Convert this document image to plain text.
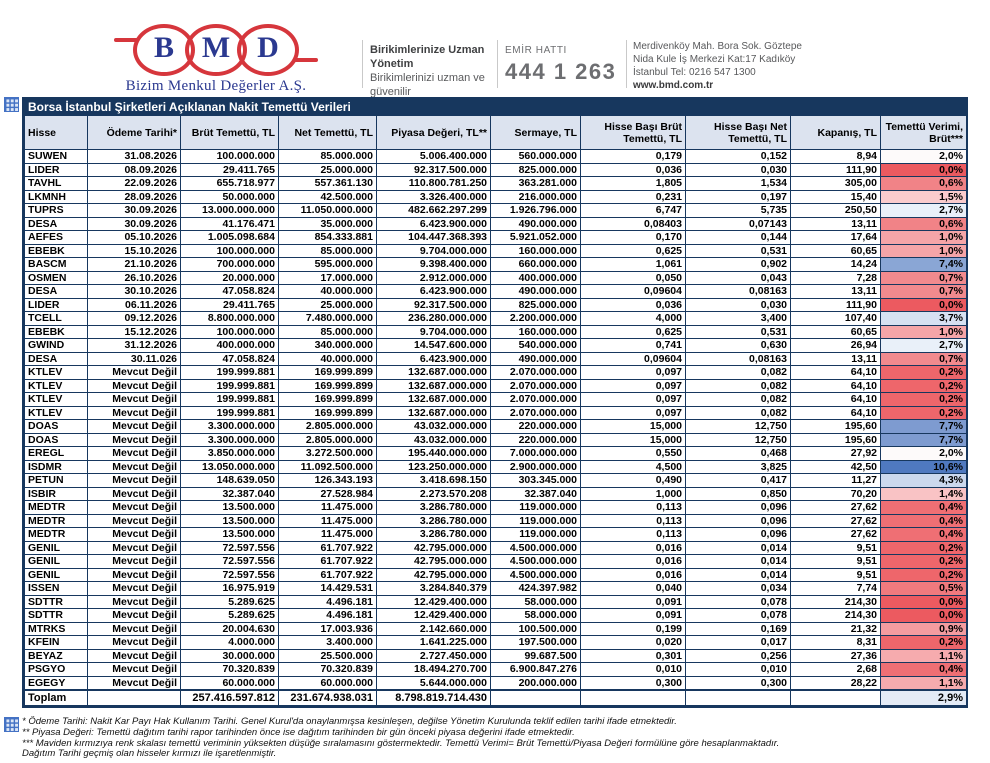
B M D
Bizim Menkul Değerler A.Ş.
Birikimlerinize Uzman Yönetim
Birikimlerinizi uzman ve güvenilir
EMİR HATTI
444 1 263
Merdivenköy Mah. Bora Sok. Göztepe
Nida Kule İş Merkezi Kat:17 Kadıköy
İstanbul Tel: 0216 547 1300
www.bmd.com.tr
Borsa İstanbul Şirketleri Açıklanan Nakit Temettü Verileri
Hisse	Ödeme Tarihi*	Brüt Temettü, TL	Net Temettü, TL	Piyasa Değeri, TL**	Sermaye, TL	Hisse Başı Brüt Temettü, TL	Hisse Başı Net Temettü, TL	Kapanış, TL	Temettü Verimi, Brüt***
SUWEN	31.08.2026	100.000.000	85.000.000	5.006.400.000	560.000.000	0,179	0,152	8,94	2,0%
LIDER	08.09.2026	29.411.765	25.000.000	92.317.500.000	825.000.000	0,036	0,030	111,90	0,0%
TAVHL	22.09.2026	655.718.977	557.361.130	110.800.781.250	363.281.000	1,805	1,534	305,00	0,6%
LKMNH	28.09.2026	50.000.000	42.500.000	3.326.400.000	216.000.000	0,231	0,197	15,40	1,5%
TUPRS	30.09.2026	13.000.000.000	11.050.000.000	482.662.297.299	1.926.796.000	6,747	5,735	250,50	2,7%
DESA	30.09.2026	41.176.471	35.000.000	6.423.900.000	490.000.000	0,08403	0,07143	13,11	0,6%
AEFES	05.10.2026	1.005.098.684	854.333.881	104.447.368.393	5.921.052.000	0,170	0,144	17,64	1,0%
EBEBK	15.10.2026	100.000.000	85.000.000	9.704.000.000	160.000.000	0,625	0,531	60,65	1,0%
BASCM	21.10.2026	700.000.000	595.000.000	9.398.400.000	660.000.000	1,061	0,902	14,24	7,4%
OSMEN	26.10.2026	20.000.000	17.000.000	2.912.000.000	400.000.000	0,050	0,043	7,28	0,7%
DESA	30.10.2026	47.058.824	40.000.000	6.423.900.000	490.000.000	0,09604	0,08163	13,11	0,7%
LIDER	06.11.2026	29.411.765	25.000.000	92.317.500.000	825.000.000	0,036	0,030	111,90	0,0%
TCELL	09.12.2026	8.800.000.000	7.480.000.000	236.280.000.000	2.200.000.000	4,000	3,400	107,40	3,7%
EBEBK	15.12.2026	100.000.000	85.000.000	9.704.000.000	160.000.000	0,625	0,531	60,65	1,0%
GWIND	31.12.2026	400.000.000	340.000.000	14.547.600.000	540.000.000	0,741	0,630	26,94	2,7%
DESA	30.11.026	47.058.824	40.000.000	6.423.900.000	490.000.000	0,09604	0,08163	13,11	0,7%
KTLEV	Mevcut Değil	199.999.881	169.999.899	132.687.000.000	2.070.000.000	0,097	0,082	64,10	0,2%
KTLEV	Mevcut Değil	199.999.881	169.999.899	132.687.000.000	2.070.000.000	0,097	0,082	64,10	0,2%
KTLEV	Mevcut Değil	199.999.881	169.999.899	132.687.000.000	2.070.000.000	0,097	0,082	64,10	0,2%
KTLEV	Mevcut Değil	199.999.881	169.999.899	132.687.000.000	2.070.000.000	0,097	0,082	64,10	0,2%
DOAS	Mevcut Değil	3.300.000.000	2.805.000.000	43.032.000.000	220.000.000	15,000	12,750	195,60	7,7%
DOAS	Mevcut Değil	3.300.000.000	2.805.000.000	43.032.000.000	220.000.000	15,000	12,750	195,60	7,7%
EREGL	Mevcut Değil	3.850.000.000	3.272.500.000	195.440.000.000	7.000.000.000	0,550	0,468	27,92	2,0%
ISDMR	Mevcut Değil	13.050.000.000	11.092.500.000	123.250.000.000	2.900.000.000	4,500	3,825	42,50	10,6%
PETUN	Mevcut Değil	148.639.050	126.343.193	3.418.698.150	303.345.000	0,490	0,417	11,27	4,3%
ISBIR	Mevcut Değil	32.387.040	27.528.984	2.273.570.208	32.387.040	1,000	0,850	70,20	1,4%
MEDTR	Mevcut Değil	13.500.000	11.475.000	3.286.780.000	119.000.000	0,113	0,096	27,62	0,4%
MEDTR	Mevcut Değil	13.500.000	11.475.000	3.286.780.000	119.000.000	0,113	0,096	27,62	0,4%
MEDTR	Mevcut Değil	13.500.000	11.475.000	3.286.780.000	119.000.000	0,113	0,096	27,62	0,4%
GENIL	Mevcut Değil	72.597.556	61.707.922	42.795.000.000	4.500.000.000	0,016	0,014	9,51	0,2%
GENIL	Mevcut Değil	72.597.556	61.707.922	42.795.000.000	4.500.000.000	0,016	0,014	9,51	0,2%
GENIL	Mevcut Değil	72.597.556	61.707.922	42.795.000.000	4.500.000.000	0,016	0,014	9,51	0,2%
ISSEN	Mevcut Değil	16.975.919	14.429.531	3.284.840.379	424.397.982	0,040	0,034	7,74	0,5%
SDTTR	Mevcut Değil	5.289.625	4.496.181	12.429.400.000	58.000.000	0,091	0,078	214,30	0,0%
SDTTR	Mevcut Değil	5.289.625	4.496.181	12.429.400.000	58.000.000	0,091	0,078	214,30	0,0%
MTRKS	Mevcut Değil	20.004.630	17.003.936	2.142.660.000	100.500.000	0,199	0,169	21,32	0,9%
KFEIN	Mevcut Değil	4.000.000	3.400.000	1.641.225.000	197.500.000	0,020	0,017	8,31	0,2%
BEYAZ	Mevcut Değil	30.000.000	25.500.000	2.727.450.000	99.687.500	0,301	0,256	27,36	1,1%
PSGYO	Mevcut Değil	70.320.839	70.320.839	18.494.270.700	6.900.847.276	0,010	0,010	2,68	0,4%
EGEGY	Mevcut Değil	60.000.000	60.000.000	5.644.000.000	200.000.000	0,300	0,300	28,22	1,1%
Toplam		257.416.597.812	231.674.938.031	8.798.819.714.430					2,9%
* Ödeme Tarihi: Nakit Kar Payı Hak Kullanım Tarihi. Genel Kurul'da onaylanmışsa kesinleşen, değilse Yönetim Kurulunda teklif edilen tarihi ifade etmektedir.
** Piyasa Değeri: Temettü dağıtım tarihi rapor tarihinden önce ise dağıtım tarihinden bir gün önceki piyasa değerini ifade etmektedir.
*** Maviden kırmızıya renk skalası temettü veriminin yüksekten düşüğe sıralamasını göstermektedir. Temettü Verimi= Brüt Temettü/Piyasa Değeri formülüne göre hesaplanmaktadır.
Dağıtım Tarihi geçmiş olan hisseler kırmızı ile işaretlenmiştir.
